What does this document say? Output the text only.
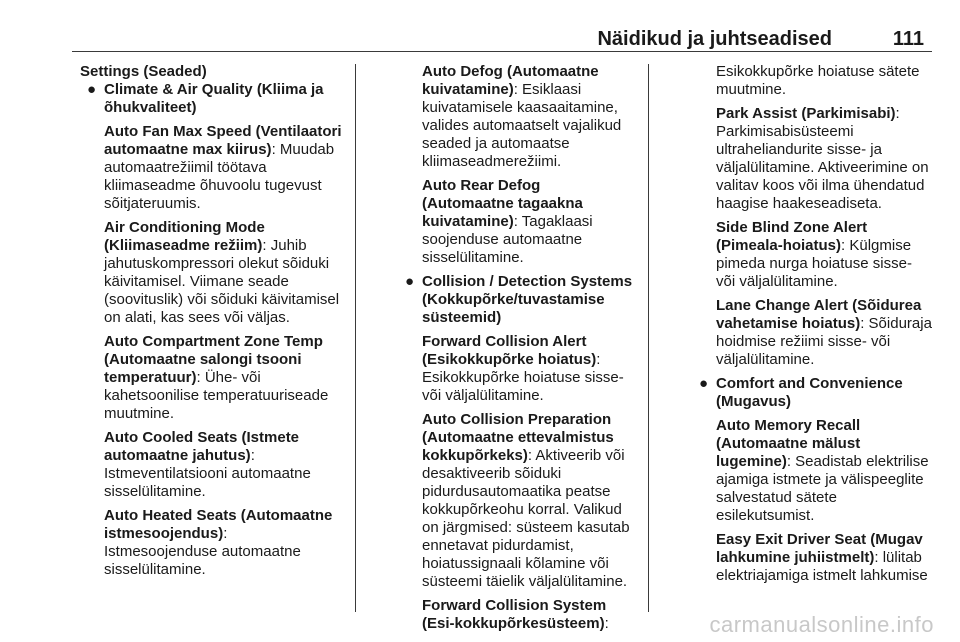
Näidikud ja juhtseadised	111

Settings (Seaded)

● Climate & Air Quality (Kliima ja õhukvaliteet)

Auto Fan Max Speed (Ventilaatori automaatne max kiirus): Muudab automaatrežiimil töötava kliimaseadme õhuvoolu tugevust sõitjateruumis.
Air Conditioning Mode (Kliimaseadme režiim): Juhib jahutuskompressori olekut sõiduki käivitamisel. Viimane seade (soovituslik) või sõiduki käivitamisel on alati, kas sees või väljas.
Auto Compartment Zone Temp (Automaatne salongi tsooni temperatuur): Ühe- või kahetsoonilise temperatuuriseade muutmine.
Auto Cooled Seats (Istmete automaatne jahutus): Istmeventilatsiooni automaatne sisselülitamine.
Auto Heated Seats (Automaatne istmesoojendus): Istmesoojenduse automaatne sisselülitamine.
Auto Defog (Automaatne kuivatamine): Esiklaasi kuivatamisele kaasaaitamine, valides automaatselt vajalikud seaded ja automaatse kliimaseadmerežiimi.
Auto Rear Defog (Automaatne tagaakna kuivatamine): Tagaklaasi soojenduse automaatne sisselülitamine.

● Collision / Detection Systems (Kokkupõrke/tuvastamise süsteemid)

Forward Collision Alert (Esikokkupõrke hoiatus): Esikokkupõrke hoiatuse sisse- või väljalülitamine.
Auto Collision Preparation (Automaatne ettevalmistus kokkupõrkeks): Aktiveerib või desaktiveerib sõiduki pidurdusautomaatika peatse kokkupõrkeohu korral. Valikud on järgmised: süsteem kasutab ennetavat pidurdamist, hoiatussignaali kõlamine või süsteemi täielik väljalülitamine.
Forward Collision System (Esi-kokkupõrkesüsteem):
Esikokkupõrke hoiatuse sätete muutmine.
Park Assist (Parkimisabi): Parkimisabisüsteemi ultraheliandurite sisse- ja väljalülitamine. Aktiveerimine on valitav koos või ilma ühendatud haagise haakeseadiseta.
Side Blind Zone Alert (Pimeala-hoiatus): Külgmise pimeda nurga hoiatuse sisse- või väljalülitamine.
Lane Change Alert (Sõidurea vahetamise hoiatus): Sõiduraja hoidmise režiimi sisse- või väljalülitamine.

● Comfort and Convenience (Mugavus)

Auto Memory Recall (Automaatne mälust lugemine): Seadistab elektrilise ajamiga istmete ja välispeeglite salvestatud sätete esilekutsumist.
Easy Exit Driver Seat (Mugav lahkumine juhiistmelt): lülitab elektriajamiga istmelt lahkumise
carmanualsonline.info
